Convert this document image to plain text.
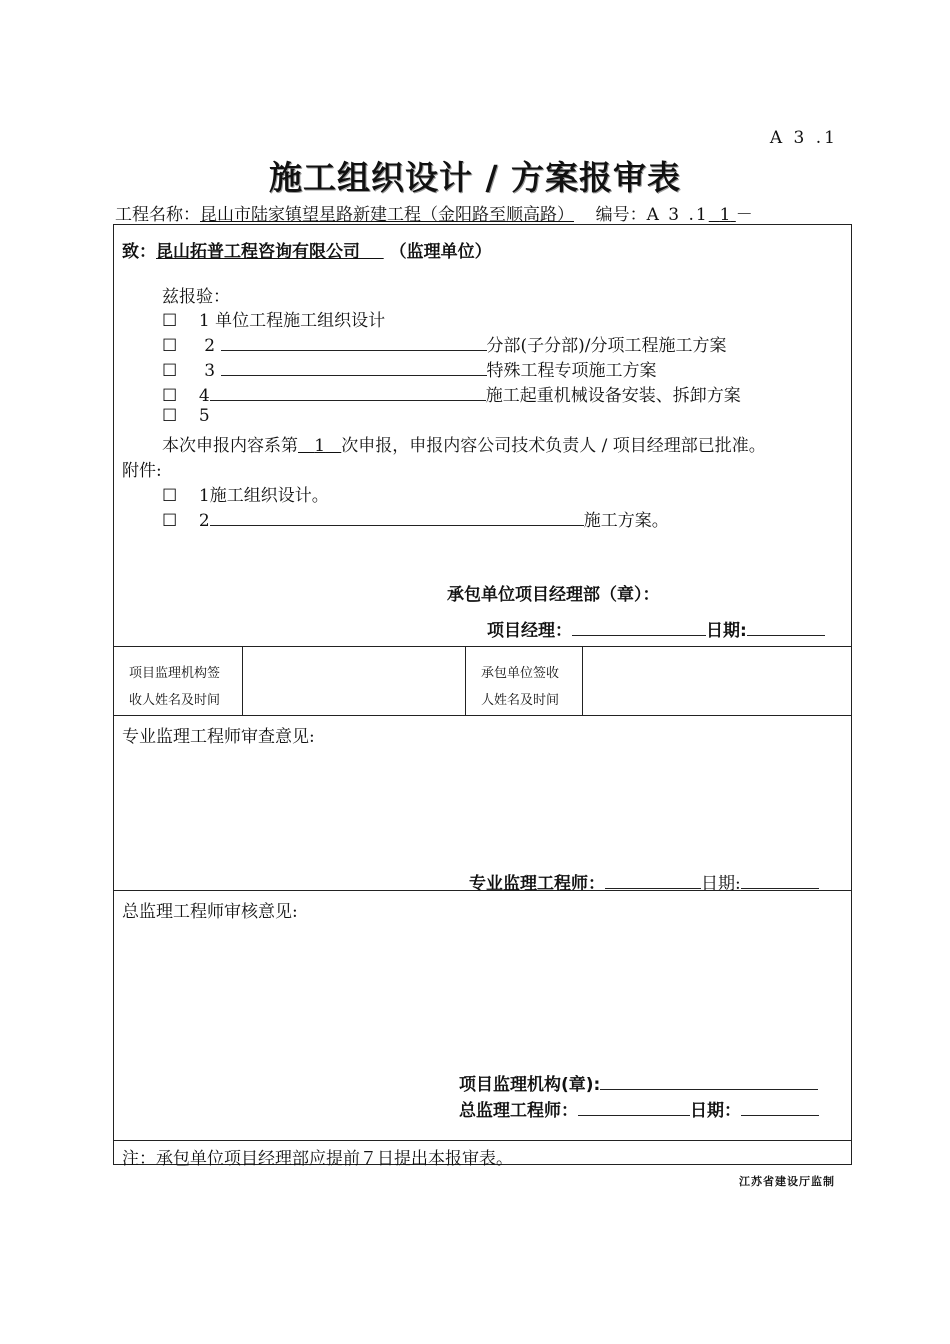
A 3 .1
施工组织设计 / 方案报审表
工程名称：昆山市陆家镇望星路新建工程（金阳路至顺高路） 编号：A 3 .1 1 －
致：昆山拓普工程咨询有限公司 （监理单位）
兹报验：
☐ 1 单位工程施工组织设计
☐ 2	分部(子分部)/分项工程施工方案
☐ 3	特殊工程专项施工方案
☐ 4	施工起重机械设备安装、拆卸方案
☐ 5
本次申报内容系第 1 次申报，申报内容公司技术负责人 / 项目经理部已批准。
附件:
☐ 1施工组织设计。
☐ 2	施工方案。
承包单位项目经理部（章）：
项目经理：	日期:
项目监理机构签
收人姓名及时间
承包单位签收
人姓名及时间
专业监理工程师审查意见:
专业监理工程师：	日期:
总监理工程师审核意见:
项目监理机构(章):
总监理工程师：	日期：
注：承包单位项目经理部应提前７日提出本报审表。
江苏省建设厅监制
